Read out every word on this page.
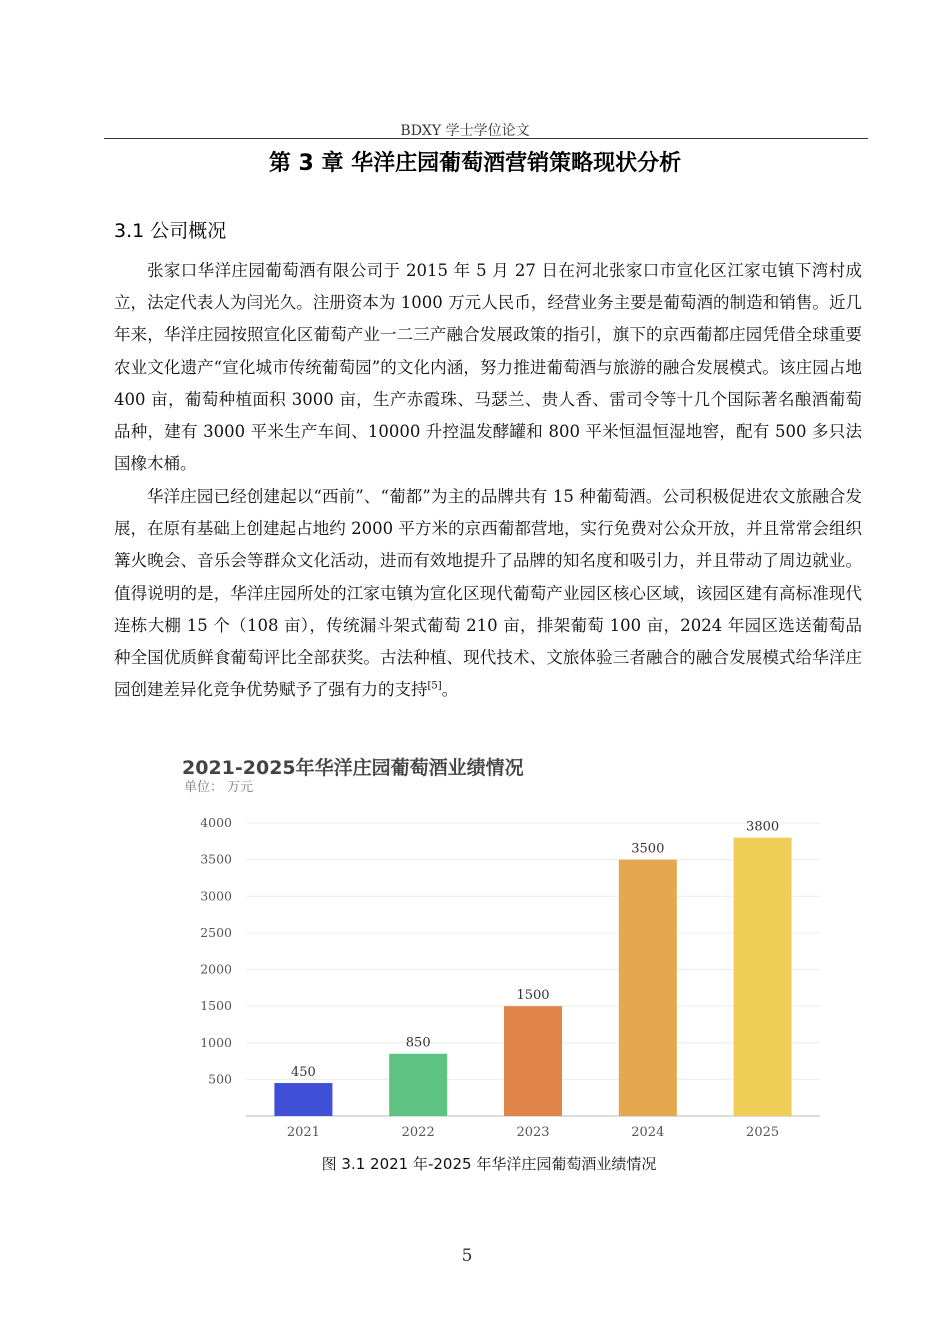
BDXY 学士学位论文
第 3 章 华洋庄园葡萄酒营销策略现状分析
3.1 公司概况

张家口华洋庄园葡萄酒有限公司于 2015 年 5 月 27 日在河北张家口市宣化区江家屯镇下湾村成立，法定代表人为闫光久。注册资本为 1000 万元人民币，经营业务主要是葡萄酒的制造和销售。近几年来，华洋庄园按照宣化区葡萄产业一二三产融合发展政策的指引，旗下的京西葡都庄园凭借全球重要农业文化遗产“宣化城市传统葡萄园”的文化内涵，努力推进葡萄酒与旅游的融合发展模式。该庄园占地 400 亩，葡萄种植面积 3000 亩，生产赤霞珠、马瑟兰、贵人香、雷司令等十几个国际著名酿酒葡萄品种，建有 3000 平米生产车间、10000 升控温发酵罐和 800 平米恒温恒湿地窖，配有 500 多只法国橡木桶。

华洋庄园已经创建起以“西前”、“葡都”为主的品牌共有 15 种葡萄酒。公司积极促进农文旅融合发展，在原有基础上创建起占地约 2000 平方米的京西葡都营地，实行免费对公众开放，并且常常会组织篝火晚会、音乐会等群众文化活动，进而有效地提升了品牌的知名度和吸引力，并且带动了周边就业。值得说明的是，华洋庄园所处的江家屯镇为宣化区现代葡萄产业园区核心区域，该园区建有高标准现代连栋大棚 15 个（108 亩），传统漏斗架式葡萄 210 亩，排架葡萄 100 亩，2024 年园区选送葡萄品种全国优质鲜食葡萄评比全部获奖。古法种植、现代技术、文旅体验三者融合的融合发展模式给华洋庄园创建差异化竞争优势赋予了强有力的支持[5]。

2021-2025年华洋庄园葡萄酒业绩情况
单位： 万元
500
1000
1500
2000
2500
3000
3500
4000
450
850
1500
3500
3800
2021	2022	2023	2024	2025
图 3.1 2021 年-2025 年华洋庄园葡萄酒业绩情况
5
